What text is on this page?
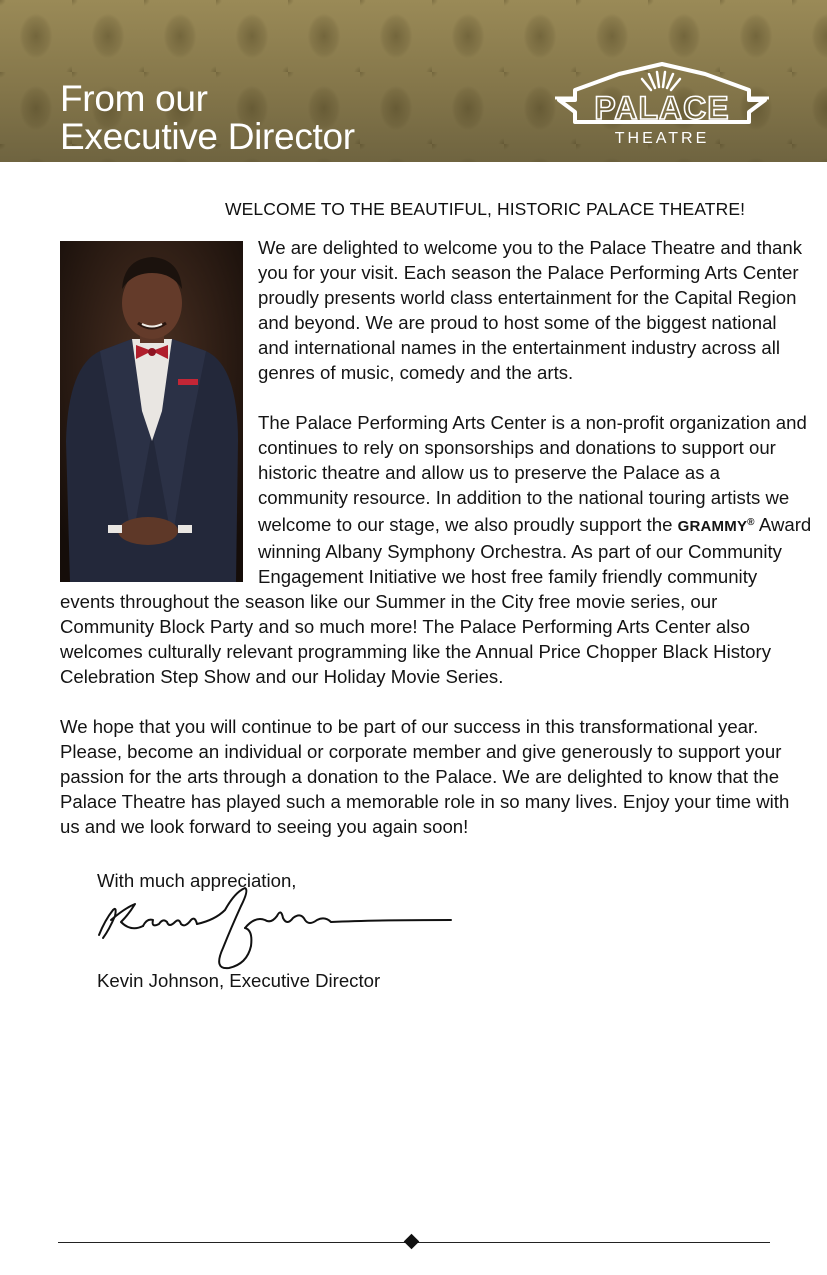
From our
Executive Director
PALACE
THEATRE
WELCOME TO THE BEAUTIFUL, HISTORIC PALACE THEATRE!

We are delighted to welcome you to the Palace Theatre and thank you for your visit. Each season the Palace Performing Arts Center proudly presents world class entertainment for the Capital Region and beyond. We are proud to host some of the biggest national and international names in the entertainment industry across all genres of music, comedy and the arts.

The Palace Performing Arts Center is a non-profit organization and continues to rely on sponsorships and donations to support our historic theatre and allow us to preserve the Palace as a community resource. In addition to the national touring artists we welcome to our stage, we also proudly support the GRAMMY® Award winning Albany Symphony Orchestra. As part of our Community Engagement Initiative we host free family friendly community events throughout the season like our Summer in the City free movie series, our Community Block Party and so much more! The Palace Performing Arts Center also welcomes culturally relevant programming like the Annual Price Chopper Black History Celebration Step Show and our Holiday Movie Series.

We hope that you will continue to be part of our success in this transformational year. Please, become an individual or corporate member and give generously to support your passion for the arts through a donation to the Palace. We are delighted to know that the Palace Theatre has played such a memorable role in so many lives. Enjoy your time with us and we look forward to seeing you again soon!

With much appreciation,
Kevin Johnson, Executive Director
